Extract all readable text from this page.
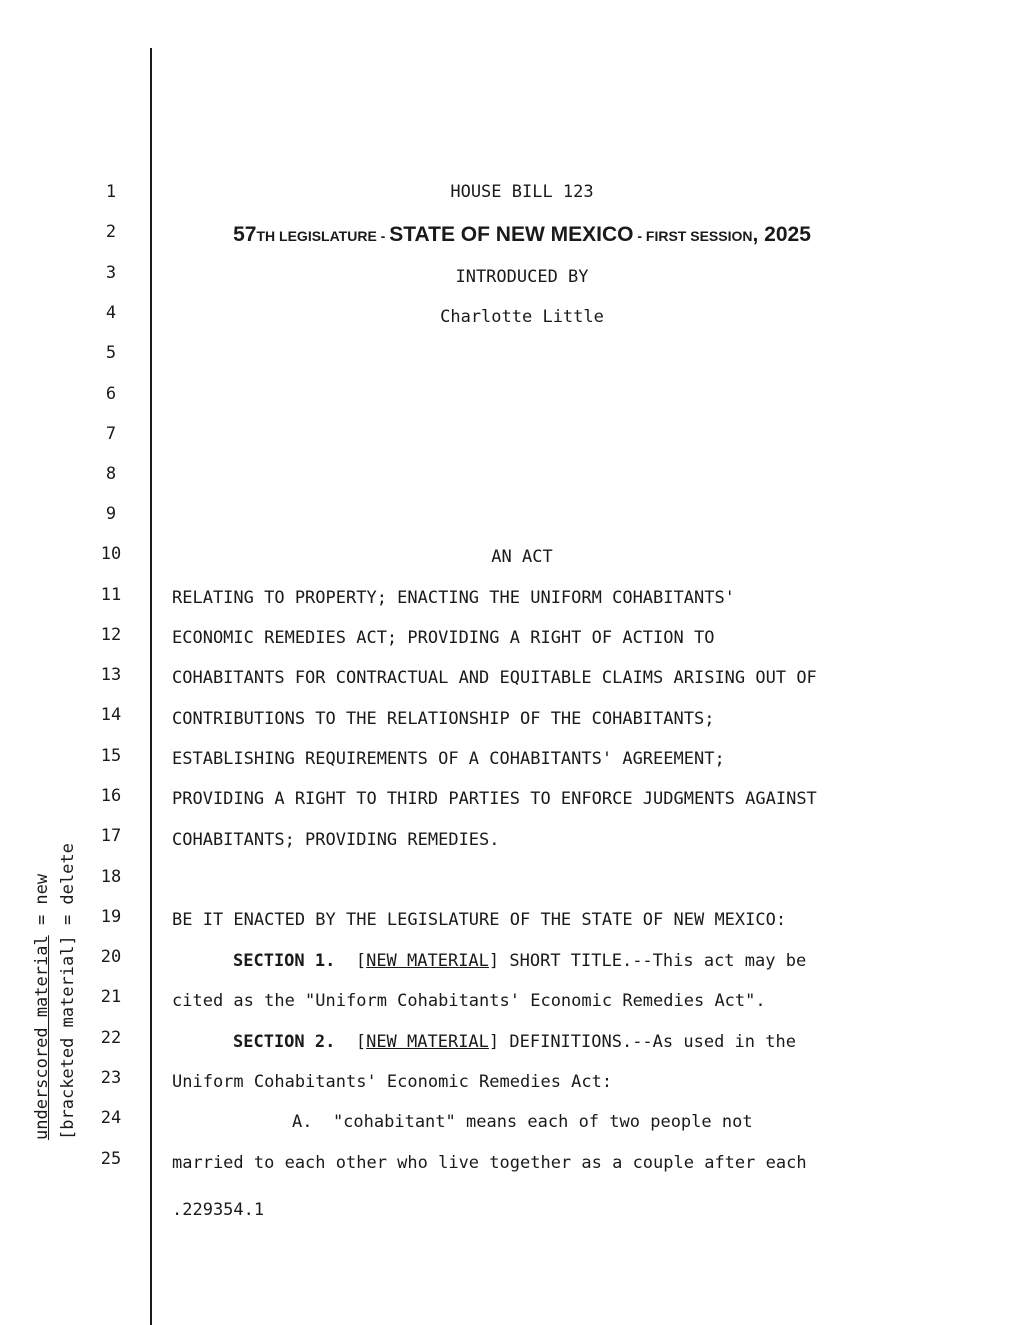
underscored material = new
[bracketed material] = delete
1
2
3
4
5
6
7
8
9
10
11
12
13
14
15
16
17
18
19
20
21
22
23
24
25
HOUSE BILL 123
57TH LEGISLATURE - STATE OF NEW MEXICO - FIRST SESSION, 2025
INTRODUCED BY
Charlotte Little
AN ACT
RELATING TO PROPERTY; ENACTING THE UNIFORM COHABITANTS'
ECONOMIC REMEDIES ACT; PROVIDING A RIGHT OF ACTION TO
COHABITANTS FOR CONTRACTUAL AND EQUITABLE CLAIMS ARISING OUT OF
CONTRIBUTIONS TO THE RELATIONSHIP OF THE COHABITANTS;
ESTABLISHING REQUIREMENTS OF A COHABITANTS' AGREEMENT;
PROVIDING A RIGHT TO THIRD PARTIES TO ENFORCE JUDGMENTS AGAINST
COHABITANTS; PROVIDING REMEDIES.
BE IT ENACTED BY THE LEGISLATURE OF THE STATE OF NEW MEXICO:
SECTION 1.  [NEW MATERIAL] SHORT TITLE.--This act may be
cited as the "Uniform Cohabitants' Economic Remedies Act".
SECTION 2.  [NEW MATERIAL] DEFINITIONS.--As used in the
Uniform Cohabitants' Economic Remedies Act:
A.  "cohabitant" means each of two people not
married to each other who live together as a couple after each
.229354.1
